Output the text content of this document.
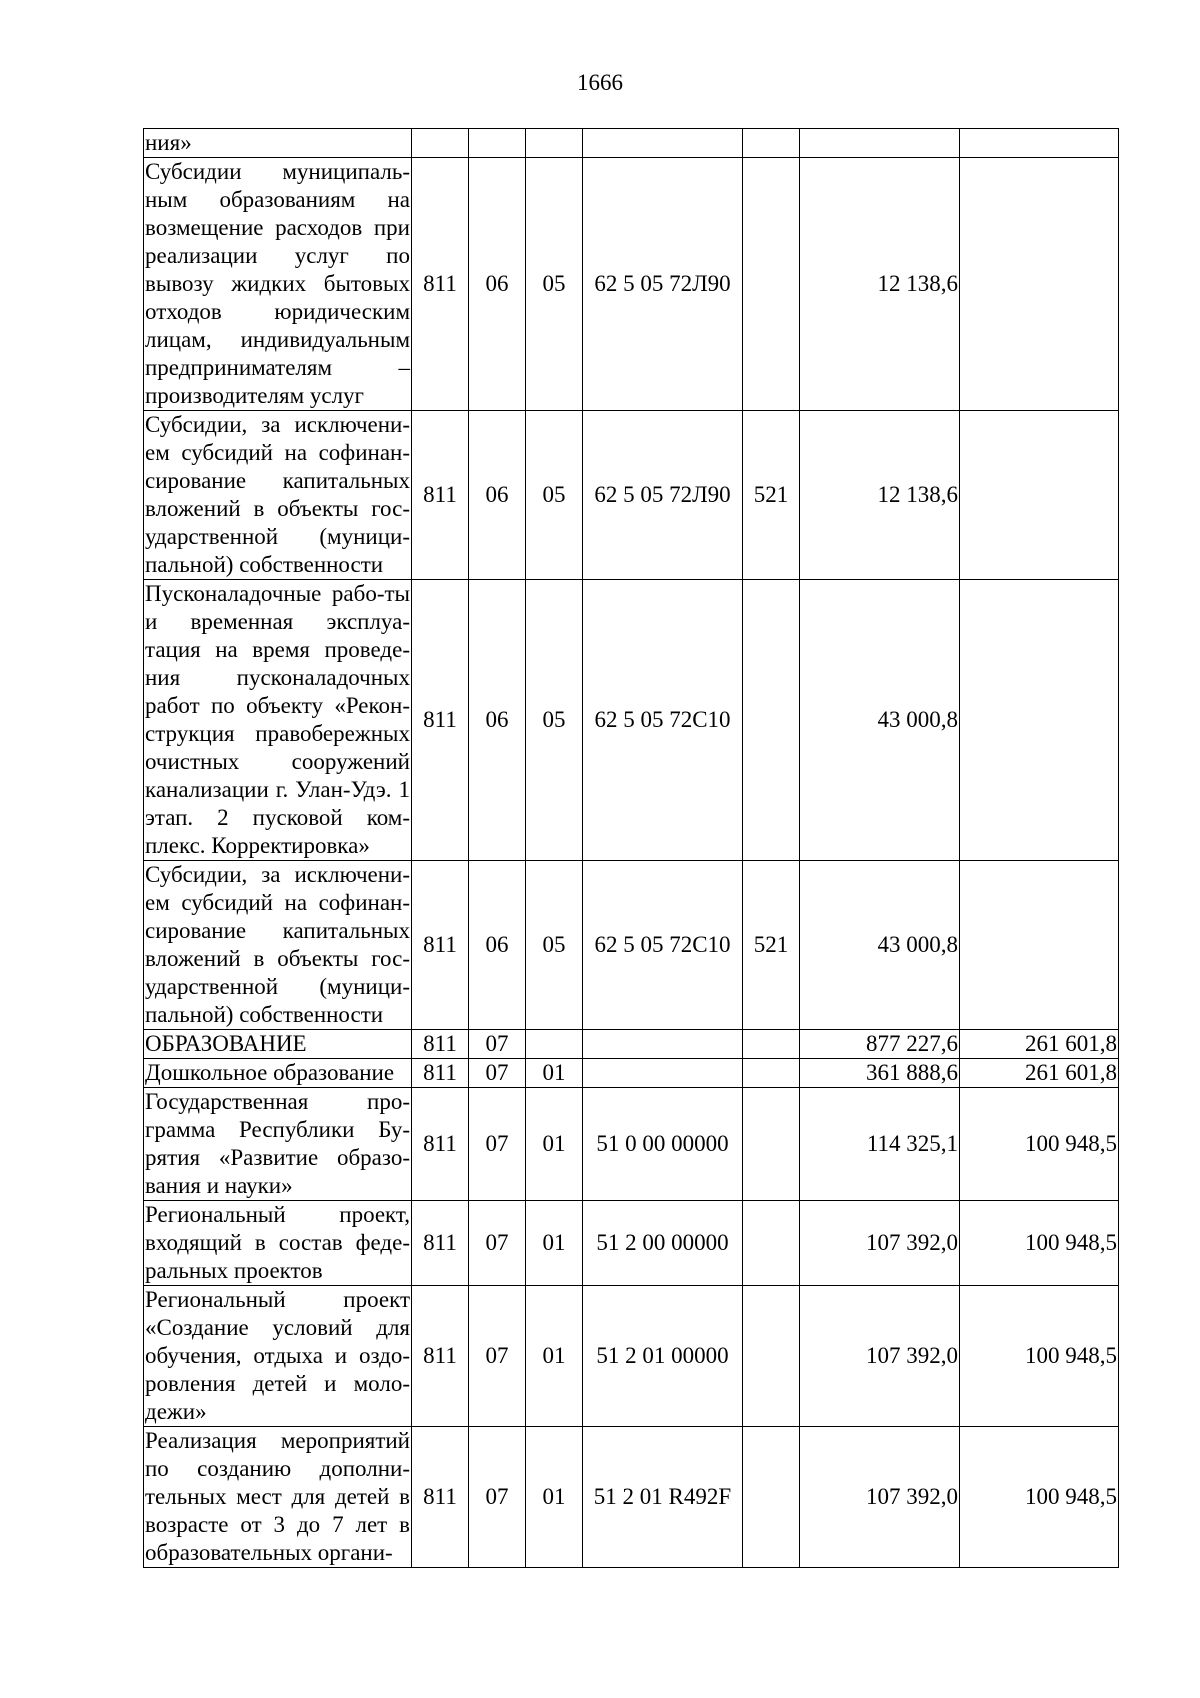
1666
ния»							
Субсидии муниципаль-ным образованиям на возмещение расходов при реализации услуг по вывозу жидких бытовых отходов юридическим лицам, индивидуальным предпринимателям – производителям услуг	811	06	05	62 5 05 72Л90		12 138,6	
Субсидии, за исключени-ем субсидий на софинан-сирование капитальных вложений в объекты гос-ударственной (муници-пальной) собственности	811	06	05	62 5 05 72Л90	521	12 138,6	
Пусконаладочные рабо-ты и временная эксплуа-тация на время проведе-ния пусконаладочных работ по объекту «Рекон-струкция правобережных очистных сооружений канализации г. Улан-Удэ. 1 этап. 2 пусковой ком-плекс. Корректировка»	811	06	05	62 5 05 72С10		43 000,8	
Субсидии, за исключени-ем субсидий на софинан-сирование капитальных вложений в объекты гос-ударственной (муници-пальной) собственности	811	06	05	62 5 05 72С10	521	43 000,8	
ОБРАЗОВАНИЕ	811	07				877 227,6	261 601,8
Дошкольное образование	811	07	01			361 888,6	261 601,8
Государственная про-грамма Республики Бу-рятия «Развитие образо-вания и науки»	811	07	01	51 0 00 00000		114 325,1	100 948,5
Региональный проект, входящий в состав феде-ральных проектов	811	07	01	51 2 00 00000		107 392,0	100 948,5
Региональный проект «Создание условий для обучения, отдыха и оздо-ровления детей и моло-дежи»	811	07	01	51 2 01 00000		107 392,0	100 948,5
Реализация мероприятий по созданию дополни-тельных мест для детей в возрасте от 3 до 7 лет в образовательных органи-	811	07	01	51 2 01 R492F		107 392,0	100 948,5
